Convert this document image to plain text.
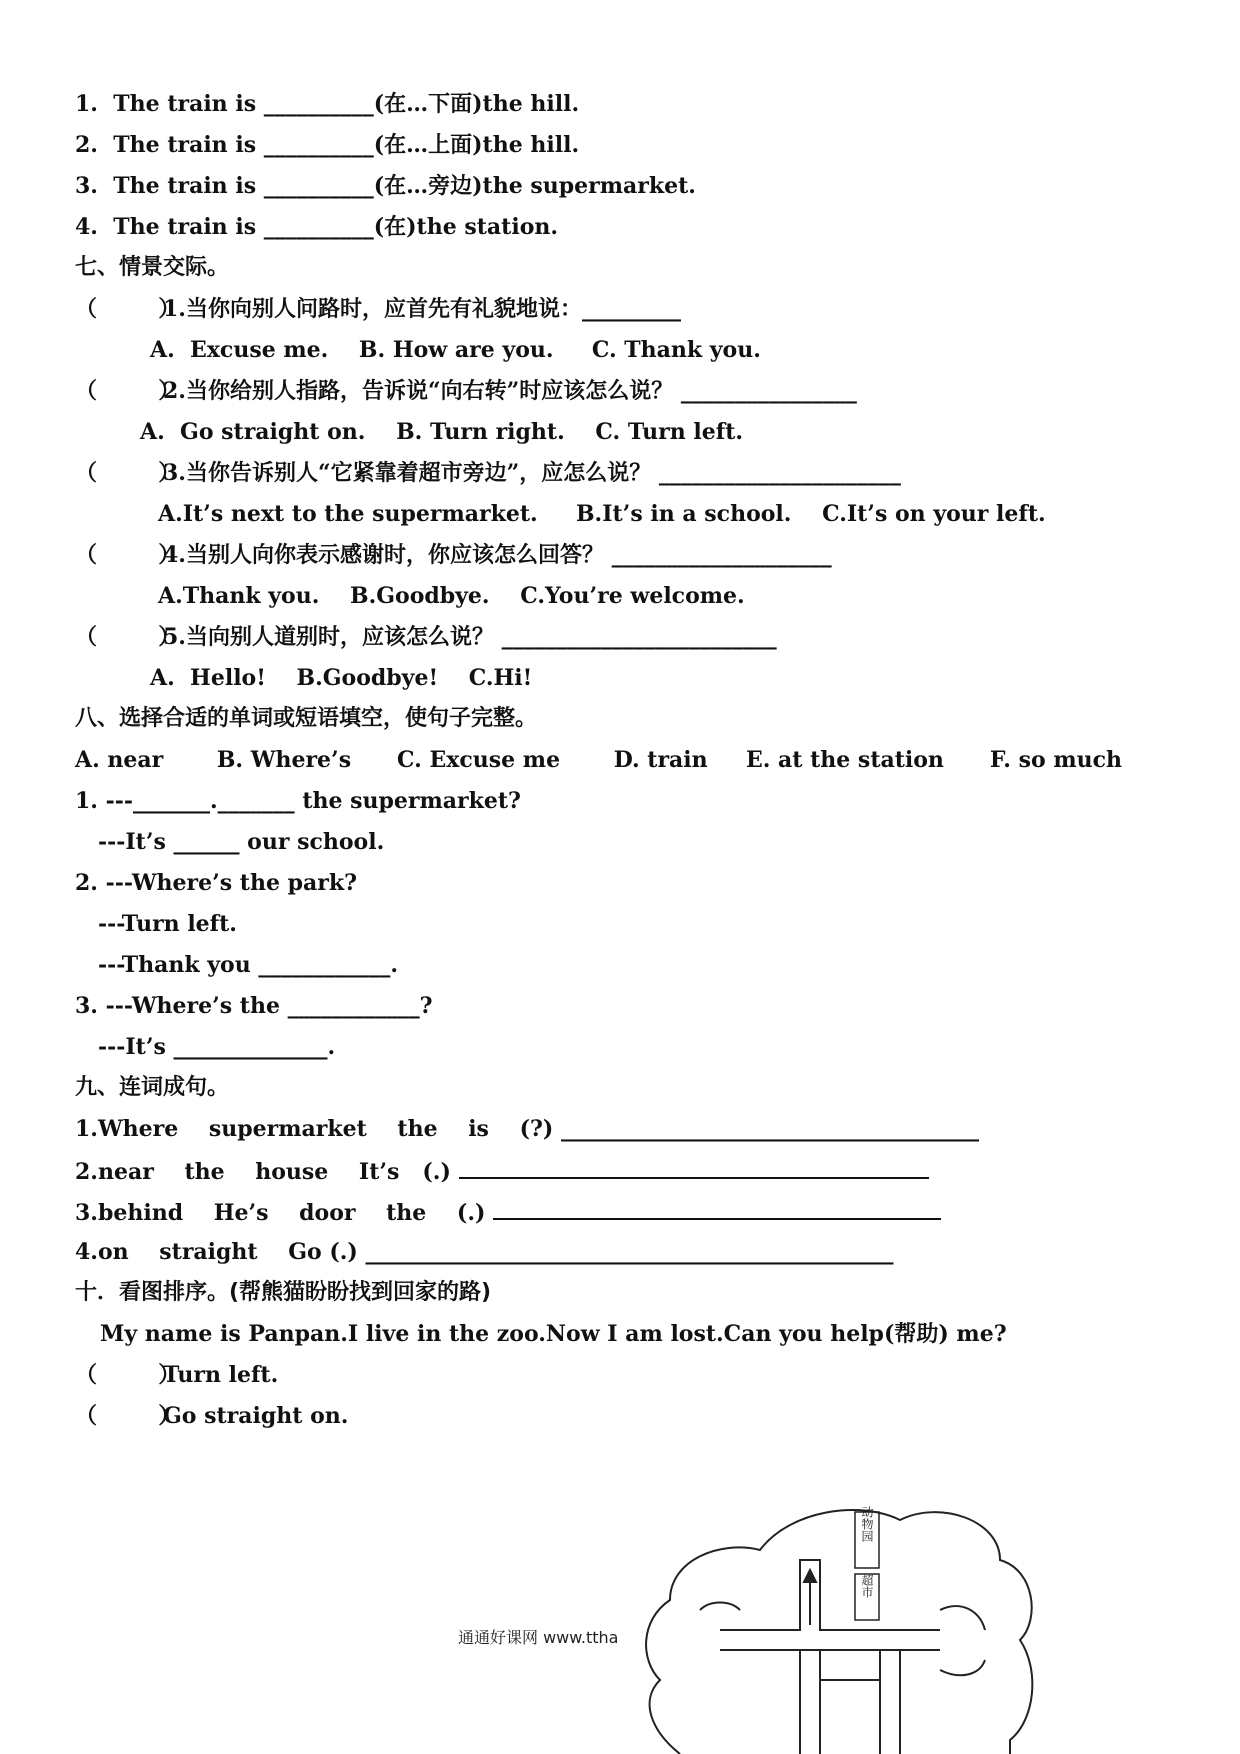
1. The train is __________(在…下面)the hill.
2. The train is __________(在…上面)the hill.
3. The train is __________(在…旁边)the supermarket.
4. The train is __________(在)the station.
七、情景交际。
（        ）1.当你向别人问路时，应首先有礼貌地说：_________
A.  Excuse me.    B. How are you.     C. Thank you.
（        ）2.当你给别人指路，告诉说“向右转”时应该怎么说？ ________________
A.  Go straight on.    B. Turn right.    C. Turn left.
（        ）3.当你告诉别人“它紧靠着超市旁边”，应怎么说？ ______________________
A.It’s next to the supermarket.     B.It’s in a school.    C.It’s on your left.
（        ）4.当别人向你表示感谢时，你应该怎么回答？ ____________________
A.Thank you.    B.Goodbye.    C.You’re welcome.
（        ）5.当向别人道别时，应该怎么说？ _________________________
A.  Hello!    B.Goodbye!    C.Hi!
八、选择合适的单词或短语填空，使句子完整。
A. near       B. Where’s      C. Excuse me       D. train     E. at the station      F. so much
1. ---_______._______ the supermarket?
---It’s ______ our school.
2. ---Where’s the park?
---Turn left.
---Thank you ____________.
3. ---Where’s the ____________?
---It’s ______________.
九、连词成句。
1.Where    supermarket    the    is    (?) ______________________________________
2.near    the    house    It’s   (.)
3.behind    He’s    door    the    (.)
4.on    straight    Go (.) ________________________________________________
十．看图排序。(帮熊猫盼盼找到回家的路)
My name is Panpan.I live in the zoo.Now I am lost.Can you help(帮助) me?
（        ）Turn left.
（        ）Go straight on.
动物园
超市
通通好课网 www.ttha
